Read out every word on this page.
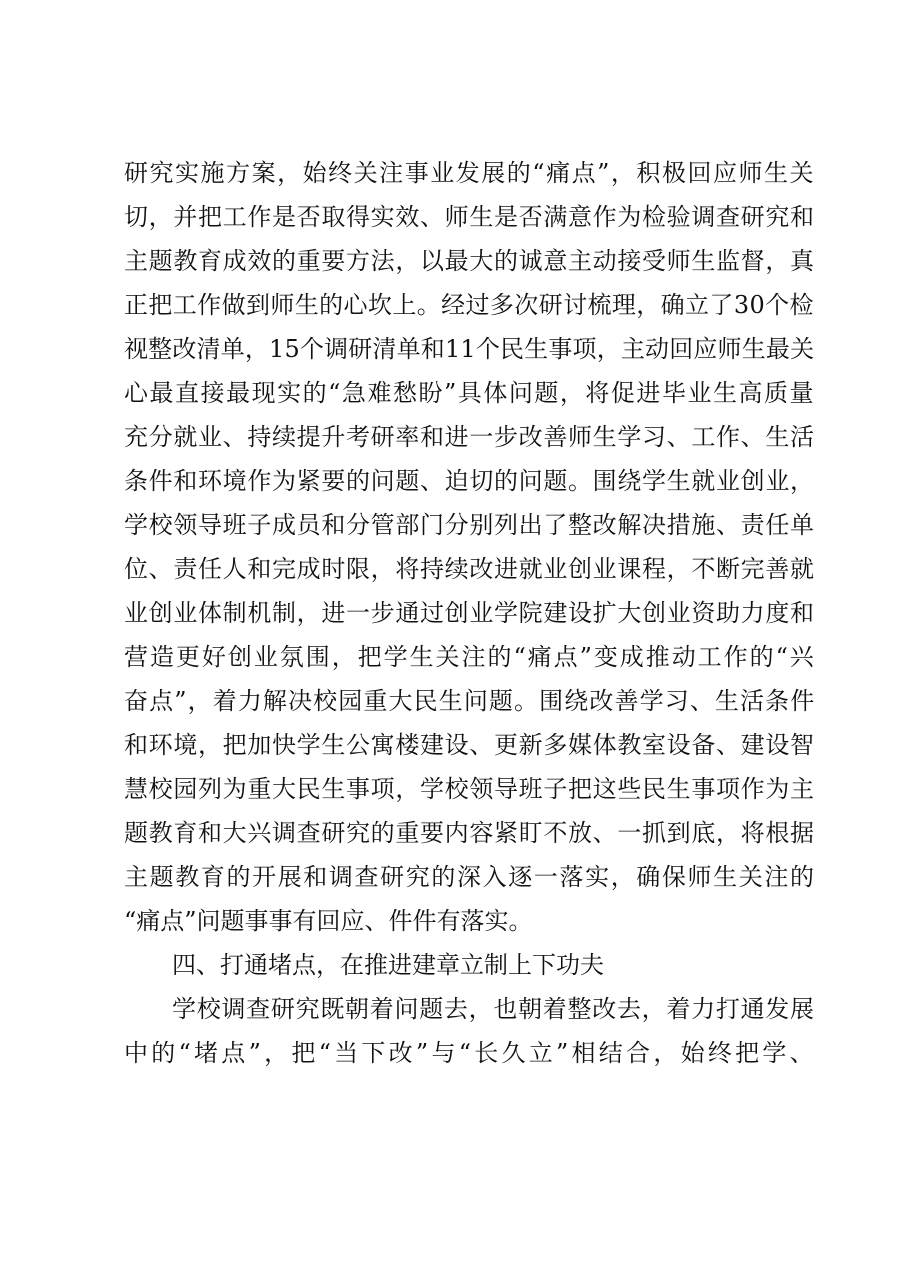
研究实施方案，始终关注事业发展的“痛点”，积极回应师生关
切，并把工作是否取得实效、师生是否满意作为检验调查研究和
主题教育成效的重要方法，以最大的诚意主动接受师生监督，真
正把工作做到师生的心坎上。经过多次研讨梳理，确立了30个检
视整改清单，15个调研清单和11个民生事项，主动回应师生最关
心最直接最现实的“急难愁盼”具体问题，将促进毕业生高质量
充分就业、持续提升考研率和进一步改善师生学习、工作、生活
条件和环境作为紧要的问题、迫切的问题。围绕学生就业创业，
学校领导班子成员和分管部门分别列出了整改解决措施、责任单
位、责任人和完成时限，将持续改进就业创业课程，不断完善就
业创业体制机制，进一步通过创业学院建设扩大创业资助力度和
营造更好创业氛围，把学生关注的“痛点”变成推动工作的“兴
奋点”，着力解决校园重大民生问题。围绕改善学习、生活条件
和环境，把加快学生公寓楼建设、更新多媒体教室设备、建设智
慧校园列为重大民生事项，学校领导班子把这些民生事项作为主
题教育和大兴调查研究的重要内容紧盯不放、一抓到底，将根据
主题教育的开展和调查研究的深入逐一落实，确保师生关注的
“痛点”问题事事有回应、件件有落实。
四、打通堵点，在推进建章立制上下功夫
学校调查研究既朝着问题去，也朝着整改去，着力打通发展
中的“堵点”，把“当下改”与“长久立”相结合，始终把学、
